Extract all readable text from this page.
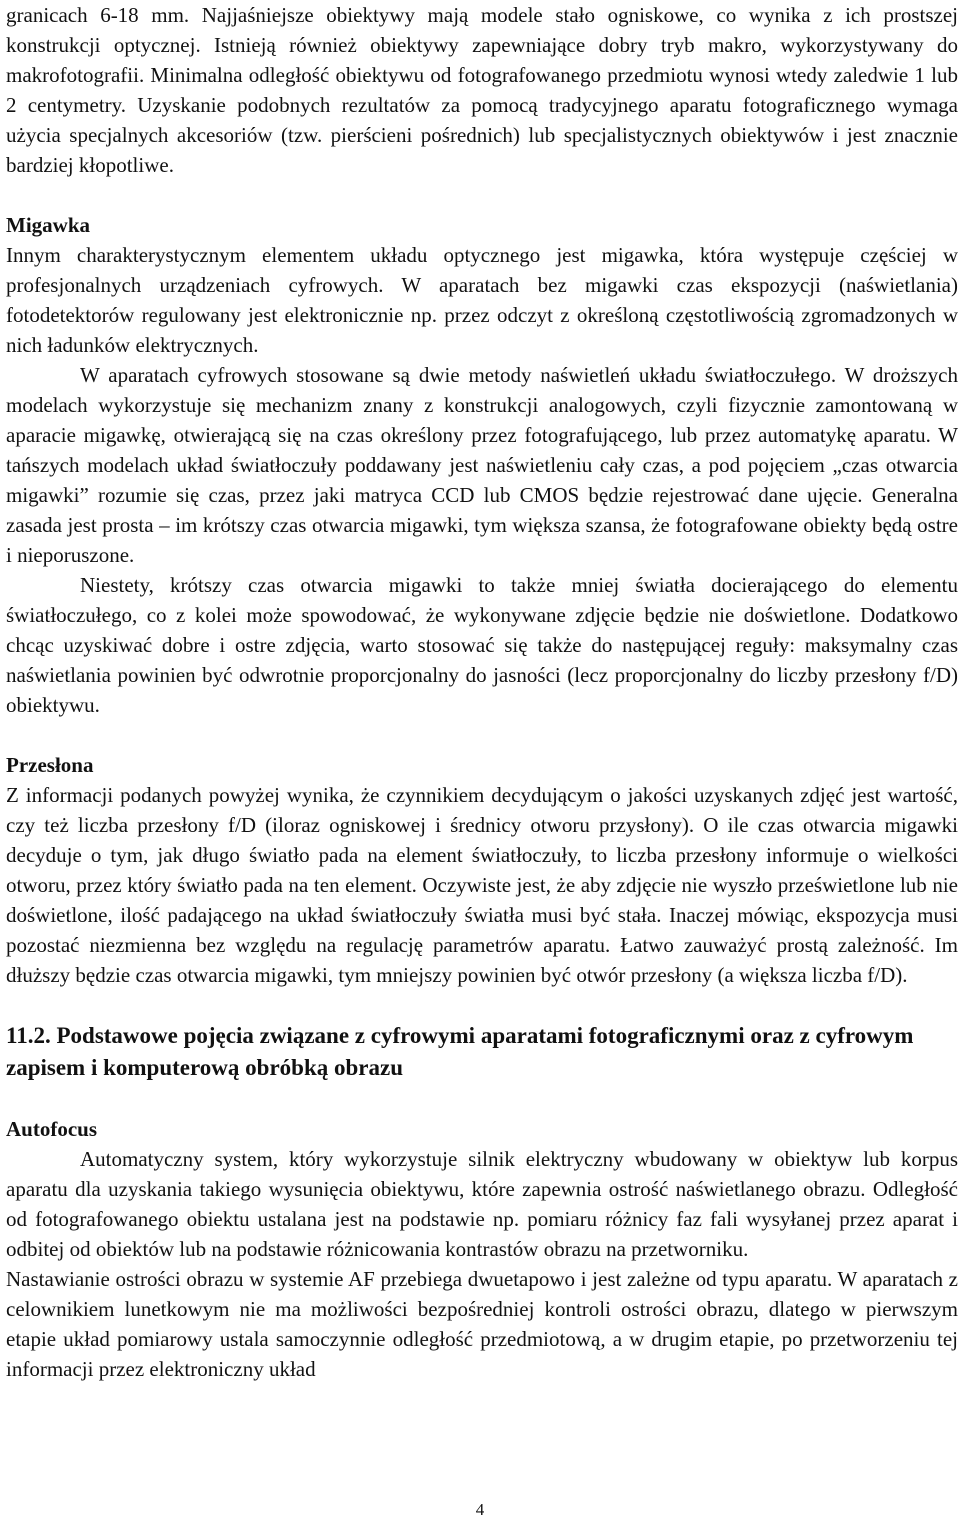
granicach 6-18 mm. Najjaśniejsze obiektywy mają modele stało ogniskowe, co wynika z ich prostszej konstrukcji optycznej. Istnieją również obiektywy zapewniające dobry tryb makro, wykorzystywany do makrofotografii. Minimalna odległość obiektywu od fotografowanego przedmiotu wynosi wtedy zaledwie 1 lub 2 centymetry. Uzyskanie podobnych rezultatów za pomocą tradycyjnego aparatu fotograficznego wymaga użycia specjalnych akcesoriów (tzw. pierścieni pośrednich) lub specjalistycznych obiektywów i jest znacznie bardziej kłopotliwe.

Migawka

Innym charakterystycznym elementem układu optycznego jest migawka, która występuje częściej w profesjonalnych urządzeniach cyfrowych. W aparatach bez migawki czas ekspozycji (naświetlania) fotodetektorów regulowany jest elektronicznie np. przez odczyt z określoną częstotliwością zgromadzonych w nich ładunków elektrycznych.

W aparatach cyfrowych stosowane są dwie metody naświetleń układu światłoczułego. W droższych modelach wykorzystuje się mechanizm znany z konstrukcji analogowych, czyli fizycznie zamontowaną w aparacie migawkę, otwierającą się na czas określony przez fotografującego, lub przez automatykę aparatu. W tańszych modelach układ światłoczuły poddawany jest naświetleniu cały czas, a pod pojęciem „czas otwarcia migawki” rozumie się czas, przez jaki matryca CCD lub CMOS będzie rejestrować dane ujęcie. Generalna zasada jest prosta – im krótszy czas otwarcia migawki, tym większa szansa, że fotografowane obiekty będą ostre i nieporuszone.

Niestety, krótszy czas otwarcia migawki to także mniej światła docierającego do elementu światłoczułego, co z kolei może spowodować, że wykonywane zdjęcie będzie nie doświetlone. Dodatkowo chcąc uzyskiwać dobre i ostre zdjęcia, warto stosować się także do następującej reguły: maksymalny czas naświetlania powinien być odwrotnie proporcjonalny do jasności (lecz proporcjonalny do liczby przesłony f/D) obiektywu.

Przesłona

Z informacji podanych powyżej wynika, że czynnikiem decydującym o jakości uzyskanych zdjęć jest wartość, czy też liczba przesłony f/D (iloraz ogniskowej i średnicy otworu przysłony). O ile czas otwarcia migawki decyduje o tym, jak długo światło pada na element światłoczuły, to liczba przesłony informuje o wielkości otworu, przez który światło pada na ten element. Oczywiste jest, że aby zdjęcie nie wyszło prześwietlone lub nie doświetlone, ilość padającego na układ światłoczuły światła musi być stała. Inaczej mówiąc, ekspozycja musi pozostać niezmienna bez względu na regulację parametrów aparatu. Łatwo zauważyć prostą zależność. Im dłuższy będzie czas otwarcia migawki, tym mniejszy powinien być otwór przesłony (a większa liczba f/D).

11.2. Podstawowe pojęcia związane z cyfrowymi aparatami fotograficznymi oraz z cyfrowym zapisem i komputerową obróbką obrazu
Autofocus

Automatyczny system, który wykorzystuje silnik elektryczny wbudowany w obiektyw lub korpus aparatu dla uzyskania takiego wysunięcia obiektywu, które zapewnia ostrość naświetlanego obrazu. Odległość od fotografowanego obiektu ustalana jest na podstawie np. pomiaru różnicy faz fali wysyłanej przez aparat i odbitej od obiektów lub na podstawie różnicowania kontrastów obrazu na przetworniku.

Nastawianie ostrości obrazu w systemie AF przebiega dwuetapowo i jest zależne od typu aparatu. W aparatach z celownikiem lunetkowym nie ma możliwości bezpośredniej kontroli ostrości obrazu, dlatego w pierwszym etapie układ pomiarowy ustala samoczynnie odległość przedmiotową, a w drugim etapie, po przetworzeniu tej informacji przez elektroniczny układ

4
